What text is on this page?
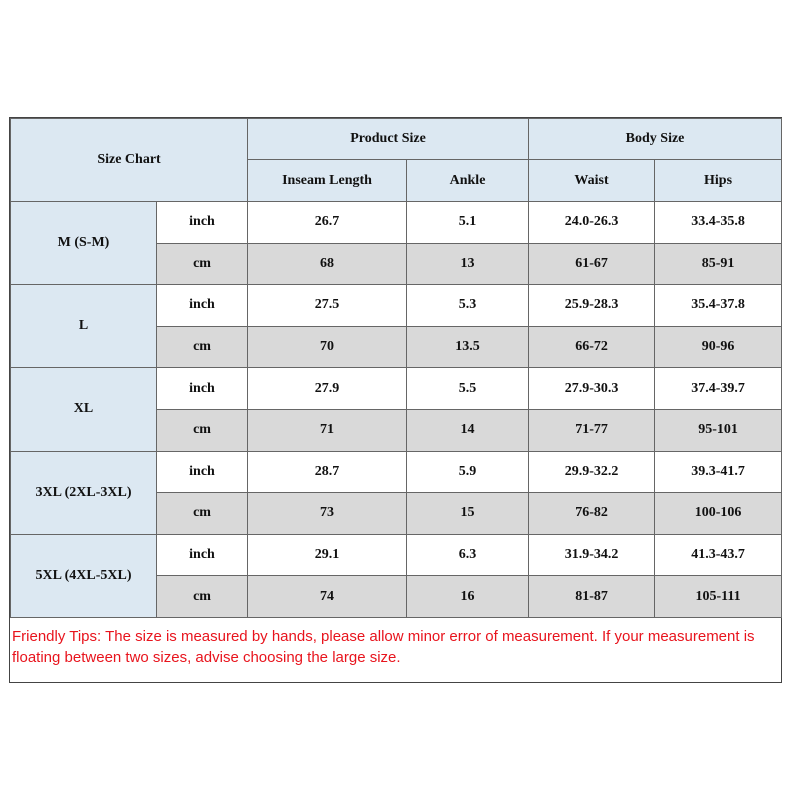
Size Chart		Product Size		Body Size	
		Inseam Length	Ankle	Waist	Hips
M (S-M)	inch	26.7	5.1	24.0-26.3	33.4-35.8
	cm	68	13	61-67	85-91
L	inch	27.5	5.3	25.9-28.3	35.4-37.8
	cm	70	13.5	66-72	90-96
XL	inch	27.9	5.5	27.9-30.3	37.4-39.7
	cm	71	14	71-77	95-101
3XL (2XL-3XL)	inch	28.7	5.9	29.9-32.2	39.3-41.7
	cm	73	15	76-82	100-106
5XL (4XL-5XL)	inch	29.1	6.3	31.9-34.2	41.3-43.7
	cm	74	16	81-87	105-111

Friendly Tips: The size is measured by hands, please allow minor error of measurement. If your measurement is floating between two sizes, advise choosing the large size.
